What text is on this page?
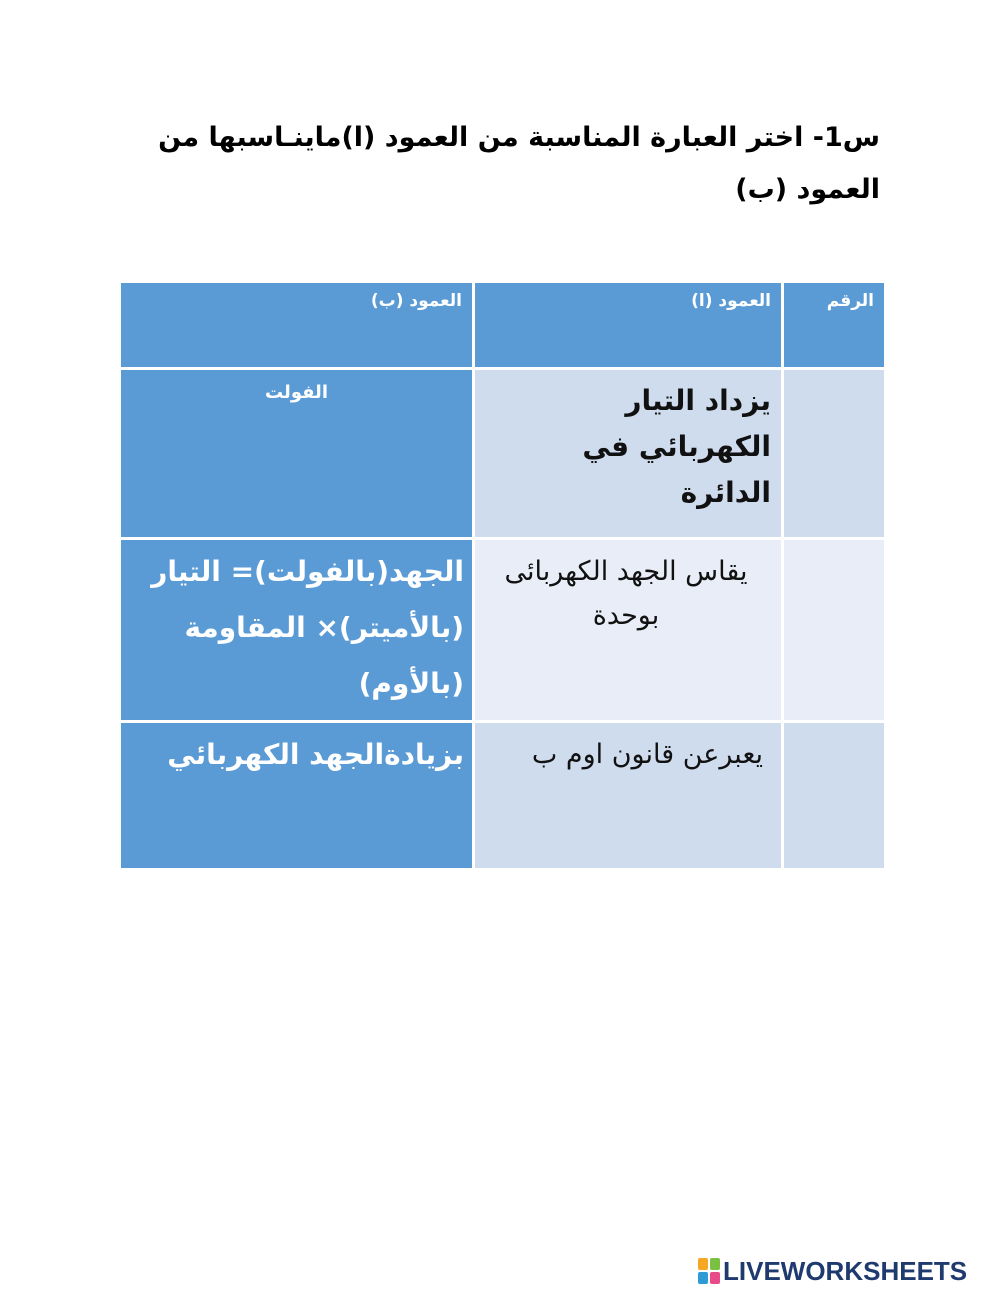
س1- اختر العبارة المناسبة من العمود (ا)ماينـاسبها من العمود (ب)
الرقم	العمود (ا)	العمود (ب)

	يزداد التيار الكهربائي في الدائرة	الفولت

	يقاس الجهد الكهربائى بوحدة	الجهد(بالفولت)= التيار (بالأميتر)× المقاومة (بالأوم)

	يعبرعن قانون اوم ب	بزيادةالجهد الكهربائي
LIVEWORKSHEETS
